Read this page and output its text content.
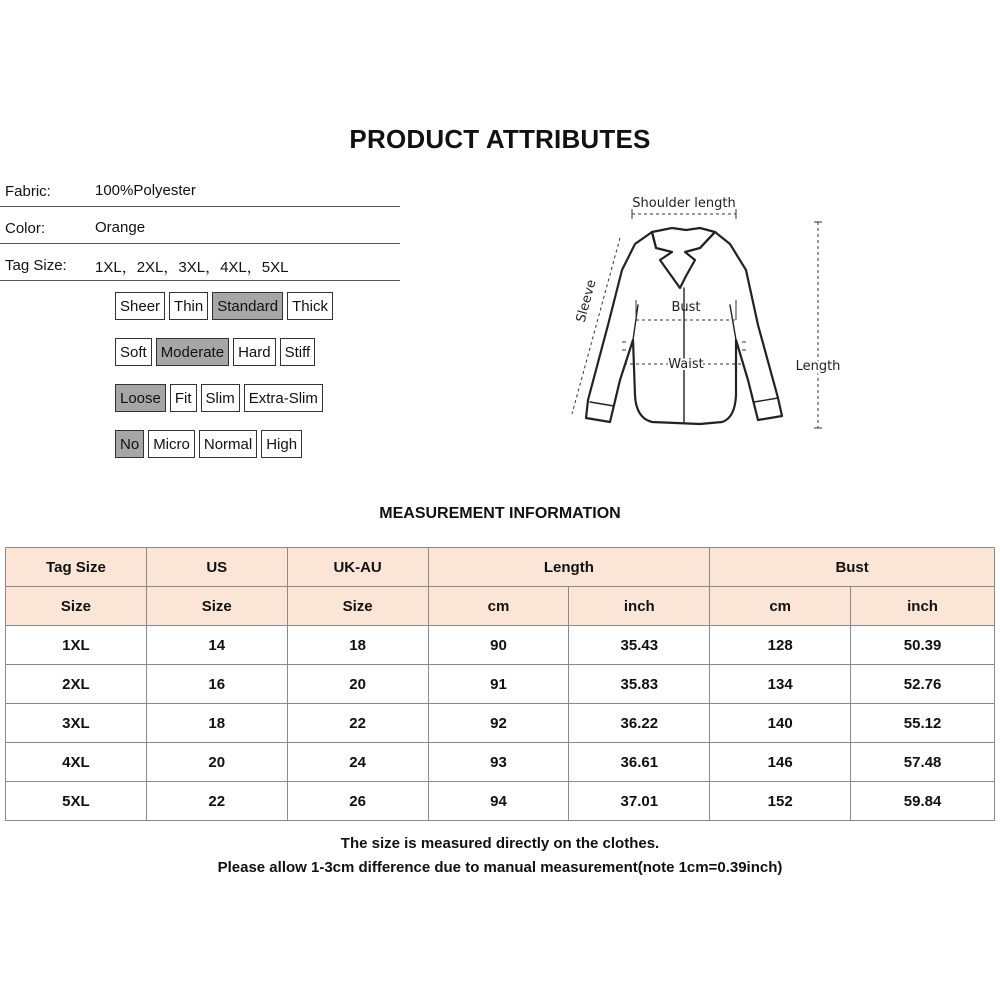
PRODUCT ATTRIBUTES
Fabric:	100%Polyester
Color:	Orange
Tag Size: 1XL，2XL，3XL，4XL，5XL
Sheer Thin Standard Thick
Soft Moderate Hard Stiff
Loose Fit Slim Extra-Slim
No Micro Normal High
Shoulder length
Sleeve	Bust
Waist	Length
MEASUREMENT INFORMATION
Tag Size	US	UK-AU	Length		Bust	
Size	Size	Size	cm	inch	cm	inch
1XL	14	18	90	35.43	128	50.39
2XL	16	20	91	35.83	134	52.76
3XL	18	22	92	36.22	140	55.12
4XL	20	24	93	36.61	146	57.48
5XL	22	26	94	37.01	152	59.84
The size is measured directly on the clothes.
Please allow 1-3cm difference due to manual measurement(note 1cm=0.39inch)
